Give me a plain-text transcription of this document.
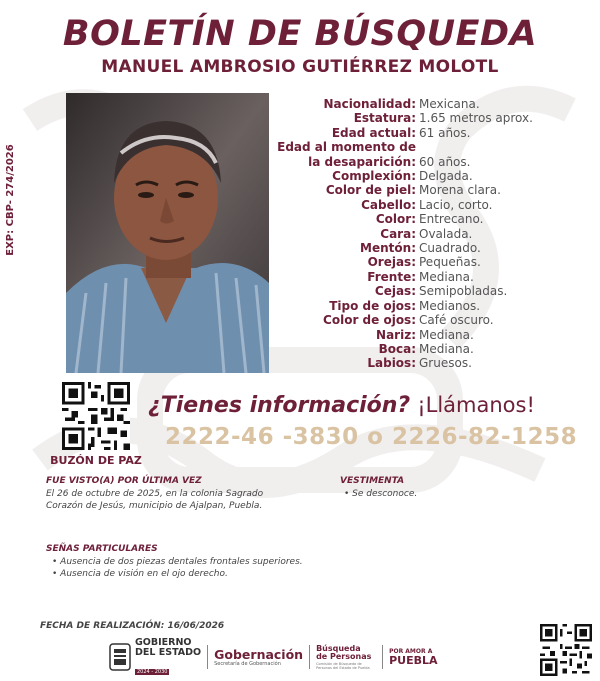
BOLETÍN DE BÚSQUEDA
MANUEL AMBROSIO GUTIÉRREZ MOLOTL
EXP: CBP- 274/2026
Nacionalidad: Mexicana.
Estatura: 1.65 metros aprox.
Edad actual: 61 años.
Edad al momento de
la desaparición: 60 años.
Complexión: Delgada.
Color de piel: Morena clara.
Cabello: Lacio, corto.
Color: Entrecano.
Cara: Ovalada.
Mentón: Cuadrado.
Orejas: Pequeñas.
Frente: Mediana.
Cejas: Semipobladas.
Tipo de ojos: Medianos.
Color de ojos: Café oscuro.
Nariz: Mediana.
Boca: Mediana.
Labios: Gruesos.
BUZÓN DE PAZ
¿Tienes información? ¡Llámanos!
2222-46 -3830 o 2226-82-1258
FUE VISTO(A) POR ÚLTIMA VEZ
El 26 de octubre de 2025, en la colonia Sagrado
Corazón de Jesús, municipio de Ajalpan, Puebla.
VESTIMENTA
• Se desconoce.
SEÑAS PARTICULARES
• Ausencia de dos piezas dentales frontales superiores.
• Ausencia de visión en el ojo derecho.
FECHA DE REALIZACIÓN: 16/06/2026
GOBIERNO
DEL ESTADO
2024 - 2030
Gobernación
Secretaría de Gobernación
Búsqueda
de Personas
Comisión de Búsqueda de Personas del Estado de Puebla
POR AMOR A
PUEBLA
